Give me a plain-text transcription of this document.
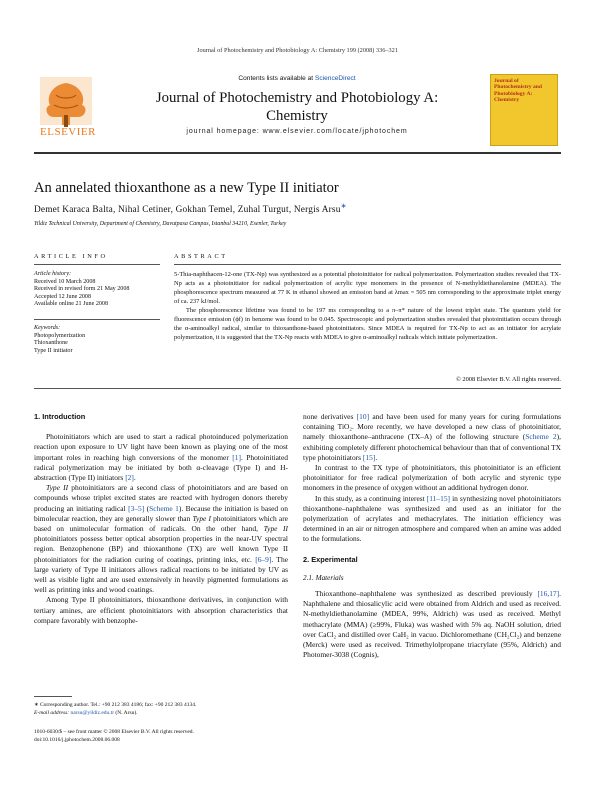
Journal of Photochemistry and Photobiology A: Chemistry 199 (2008) 336–321
Contents lists available at ScienceDirect
Journal of Photochemistry and Photobiology A:
Chemistry
journal homepage: www.elsevier.com/locate/jphotochem
ELSEVIER
Journal of Photochemistry and Photobiology A: Chemistry
An annelated thioxanthone as a new Type II initiator
Demet Karaca Balta, Nihal Cetiner, Gokhan Temel, Zuhal Turgut, Nergis Arsu∗
Yildiz Technical University, Department of Chemistry, Davutpasa Campus, Istanbul 34210, Esenler, Turkey
ARTICLE INFO	ABSTRACT
Article history:
Received 10 March 2008
Received in revised form 21 May 2008
Accepted 12 June 2008
Available online 21 June 2008
Keywords:
Photopolymerization
Thioxanthone
Type II initiator

5-Thia-naphthacen-12-one (TX-Np) was synthesized as a potential photoinitiator for radical polymerization. Polymerization studies revealed that TX-Np acts as a photoinitiator for radical polymerization of acrylic type monomers in the presence of N-methyldiethanolamine (MDEA). The phosphorescence spectrum measured at 77 K in ethanol showed an emission band at λmax = 505 nm corresponding to the approximate triplet energy of ca. 237 kJ/mol.

The phosphorescence lifetime was found to be 197 ms corresponding to a π–π* nature of the lowest triplet state. The quantum yield for fluorescence emission (ϕf) in benzene was found to be 0.045. Spectroscopic and polymerization studies revealed that photoinitiation occurs through the α-aminoalkyl radical, similar to thioxanthone-based photoinitiators. Since MDEA is required for TX-Np to act as an initiator for acrylate polymerization, it is suggested that the TX-Np reacts with MDEA to give α-aminoalkyl radicals which initiate polymerization.

© 2008 Elsevier B.V. All rights reserved.
1. Introduction

Photoinitiators which are used to start a radical photoinduced polymerization reaction upon exposure to UV light have been known as playing one of the most important roles in reaching high conversions of the monomer [1]. Photoinitiated radical polymerization may be initiated by both α-cleavage (Type I) and H-abstraction (Type II) initiators [2].

Type II photoinitiators are a second class of photoinitiators and are based on compounds whose triplet excited states are reacted with hydrogen donors thereby producing an initiating radical [3–5] (Scheme 1). Because the initiation is based on bimolecular reaction, they are generally slower than Type I photoinitiators which are based on unimolecular formation of radicals. On the other hand, Type II photoinitiators possess better optical absorption properties in the near-UV spectral region. Benzophenone (BP) and thioxanthone (TX) are well known Type II photoinitiators for the radiation curing of coatings, printing inks, etc. [6–9]. The large variety of Type II initiators allows radical reactions to be initiated by UV as well as visible light and are used extensively in heavily pigmented formulations as well as printing inks and wood coatings.

Among Type II photoinitiators, thioxanthone derivatives, in conjunction with tertiary amines, are efficient photoinitiators with absorption characteristics that compare favorably with benzophe-

none derivatives [10] and have been used for many years for curing formulations containing TiO₂. More recently, we have developed a new class of photoinitiator, namely thioxanthone–anthracene (TX–A) of the following structure (Scheme 2), exhibiting completely different photochemical behaviour than that of conventional TX type photoinitiators [15].

In contrast to the TX type of photoinitiators, this photoinitiator is an efficient photoinitiator for free radical polymerization of both acrylic and styrenic type monomers in the presence of oxygen without an additional hydrogen donor.

In this study, as a continuing interest [11–15] in synthesizing novel photoinitiators thioxanthone–naphthalene was synthesized and used as an initiator for the polymerization of acrylates and methacrylates. The initiation efficiency was determined in an air or nitrogen atmosphere and compared when an amine was added to the formulations.

2. Experimental
2.1. Materials

Thioxanthone–naphthalene was synthesized as described previously [16,17]. Naphthalene and thiosalicylic acid were obtained from Aldrich and used as received. N-methyldiethanolamine (MDEA, 99%, Aldrich) was used as received. Methyl methacrylate (MMA) (≥99%, Fluka) was washed with 5% aq. NaOH solution, dried over CaCl₂ and distilled over CaH₂ in vacuo. Dichloromethane (CH₂Cl₂) and benzene (Merck) were used as received. Trimethylolpropane triacrylate (95%, Aldrich) and Photomer-3038 (Cognis),

∗ Corresponding author. Tel.: +90 212 383 4186; fax: +90 212 383 4134.
E-mail address: narsu@yildiz.edu.tr (N. Arsu).
1010-6030/$ – see front matter © 2008 Elsevier B.V. All rights reserved.
doi:10.1016/j.jphotochem.2008.06.008
